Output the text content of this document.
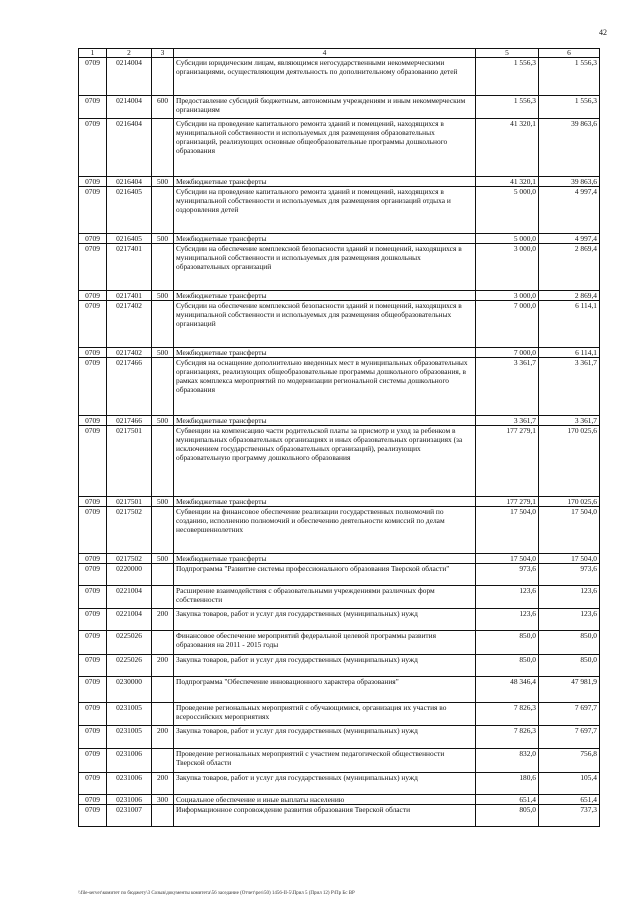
42
1	2	3	4	5	6
0709	0214004		Субсидии юридическим лицам, являющимся негосударственными некоммерческими организациями, осуществляющим деятельность по дополнительному образованию детей	1 556,3	1 556,3
0709	0214004	600	Предоставление субсидий бюджетным, автономным учреждениям и иным некоммерческим организациям	1 556,3	1 556,3
0709	0216404		Субсидии на проведение капитального ремонта зданий и помещений, находящихся в муниципальной собственности и используемых для размещения образовательных организаций, реализующих основные общеобразовательные программы дошкольного образования	41 320,1	39 863,6
0709	0216404	500	Межбюджетные трансферты	41 320,1	39 863,6
0709	0216405		Субсидии на проведение капитального ремонта зданий и помещений, находящихся в муниципальной собственности и используемых для размещения организаций отдыха и оздоровления детей	5 000,0	4 997,4
0709	0216405	500	Межбюджетные трансферты	5 000,0	4 997,4
0709	0217401		Субсидии на обеспечение комплексной безопасности зданий и помещений, находящихся в муниципальной собственности и используемых для размещения дошкольных образовательных организаций	3 000,0	2 869,4
0709	0217401	500	Межбюджетные трансферты	3 000,0	2 869,4
0709	0217402		Субсидии на обеспечение комплексной безопасности зданий и помещений, находящихся в муниципальной собственности и используемых для размещения общеобразовательных организаций	7 000,0	6 114,1
0709	0217402	500	Межбюджетные трансферты	7 000,0	6 114,1
0709	0217466		Субсидия на оснащение дополнительно введенных мест в муниципальных образовательных организациях, реализующих общеобразовательные программы дошкольного образования, в рамках комплекса мероприятий по модернизации региональной системы дошкольного образования	3 361,7	3 361,7
0709	0217466	500	Межбюджетные трансферты	3 361,7	3 361,7
0709	0217501		Субвенции на компенсацию части родительской платы за присмотр и уход за ребенком в муниципальных образовательных организациях и иных образовательных организациях (за исключением государственных образовательных организаций), реализующих образовательную программу дошкольного образования	177 279,1	170 025,6
0709	0217501	500	Межбюджетные трансферты	177 279,1	170 025,6
0709	0217502		Субвенции на финансовое обеспечение реализации государственных полномочий по созданию, исполнению полномочий и обеспечению деятельности комиссий по делам несовершеннолетних	17 504,0	17 504,0
0709	0217502	500	Межбюджетные трансферты	17 504,0	17 504,0
0709	0220000		Подпрограмма "Развитие системы профессионального образования Тверской области"	973,6	973,6
0709	0221004		Расширение взаимодействия с образовательными учреждениями различных форм собственности	123,6	123,6
0709	0221004	200	Закупка товаров, работ и услуг для государственных (муниципальных) нужд	123,6	123,6
0709	0225026		Финансовое обеспечение мероприятий федеральной целевой программы развития образования на 2011 - 2015 годы	850,0	850,0
0709	0225026	200	Закупка товаров, работ и услуг для государственных (муниципальных) нужд	850,0	850,0
0709	0230000		Подпрограмма "Обеспечение инновационного характера образования"	48 346,4	47 981,9
0709	0231005		Проведение региональных мероприятий с обучающимися, организация их участия во всероссийских мероприятиях	7 826,3	7 697,7
0709	0231005	200	Закупка товаров, работ и услуг для государственных (муниципальных) нужд	7 826,3	7 697,7
0709	0231006		Проведение региональных мероприятий с участием педагогической общественности Тверской области	832,0	756,8
0709	0231006	200	Закупка товаров, работ и услуг для государственных (муниципальных) нужд	180,6	105,4
0709	0231006	300	Социальное обеспечение и иные выплаты населению	651,4	651,4
0709	0231007		Информационное сопровождение развития образования Тверской области	805,0	737,3
\\file-server\комитет по бюджету\3 Созыв\документы комитета\56 заседание (Отчет\рез\50) 1456-II-5\Прил 5 (Прил 12) Р\Пр Бс ВР
